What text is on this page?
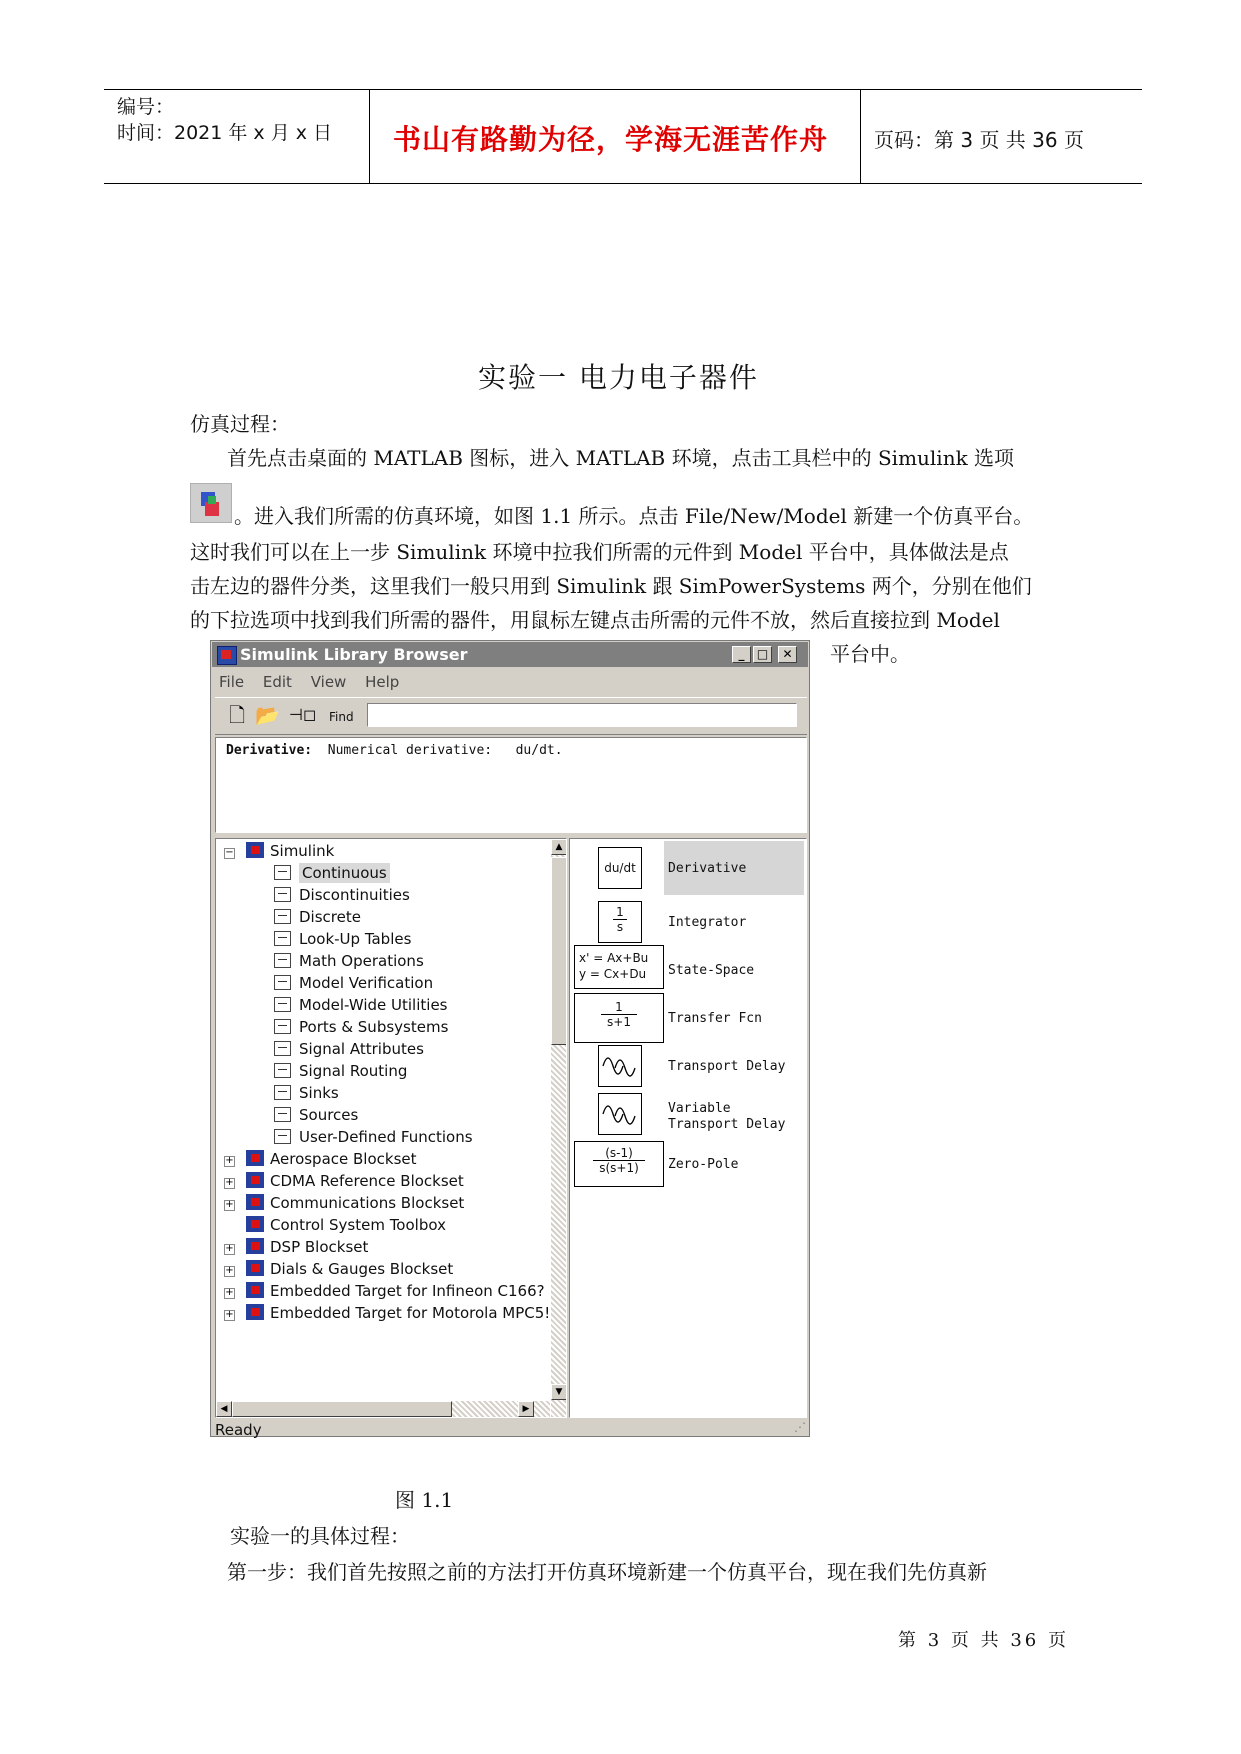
编号：
时间：2021 年 x 月 x 日 书山有路勤为径，学海无涯苦作舟 页码：第 3 页 共 36 页
实验一 电力电子器件
仿真过程：
首先点击桌面的 MATLAB 图标，进入 MATLAB 环境，点击工具栏中的 Simulink 选项
。进入我们所需的仿真环境，如图 1.1 所示。点击 File/New/Model 新建一个仿真平台。
这时我们可以在上一步 Simulink 环境中拉我们所需的元件到 Model 平台中，具体做法是点
击左边的器件分类，这里我们一般只用到 Simulink 跟 SimPowerSystems 两个，分别在他们
的下拉选项中找到我们所需的器件，用鼠标左键点击所需的元件不放，然后直接拉到 Model
平台中。
Simulink Library Browser	_	□	✕
File Edit View Help
🗋 📂 ⊣◻ Find
Derivative:  Numerical derivative:   du/dt.
−	Simulink
Continuous
Discontinuities
Discrete
Look-Up Tables
Math Operations
Model Verification
Model-Wide Utilities
Ports & Subsystems
Signal Attributes
Signal Routing
Sinks
Sources
User-Defined Functions
+	Aerospace Blockset
+	CDMA Reference Blockset
+	Communications Blockset
Control System Toolbox
+	DSP Blockset
+	Dials & Gauges Blockset
+	Embedded Target for Infineon C166?
+	Embedded Target for Motorola MPC5!
▲
▼
◀	▶
du/dt	Derivative
$\frac{1}{s}$	Integrator
x' = Ax+Bu
y = Cx+Du	State-Space
$\frac{1}{s+1}$	Transfer Fcn
Transport Delay
Variable
Transport Delay
$\frac{(s-1)}{s(s+1)}$	Zero-Pole
Ready	⋰
图 1.1
实验一的具体过程：
第一步：我们首先按照之前的方法打开仿真环境新建一个仿真平台，现在我们先仿真新
第 3 页 共 36 页
